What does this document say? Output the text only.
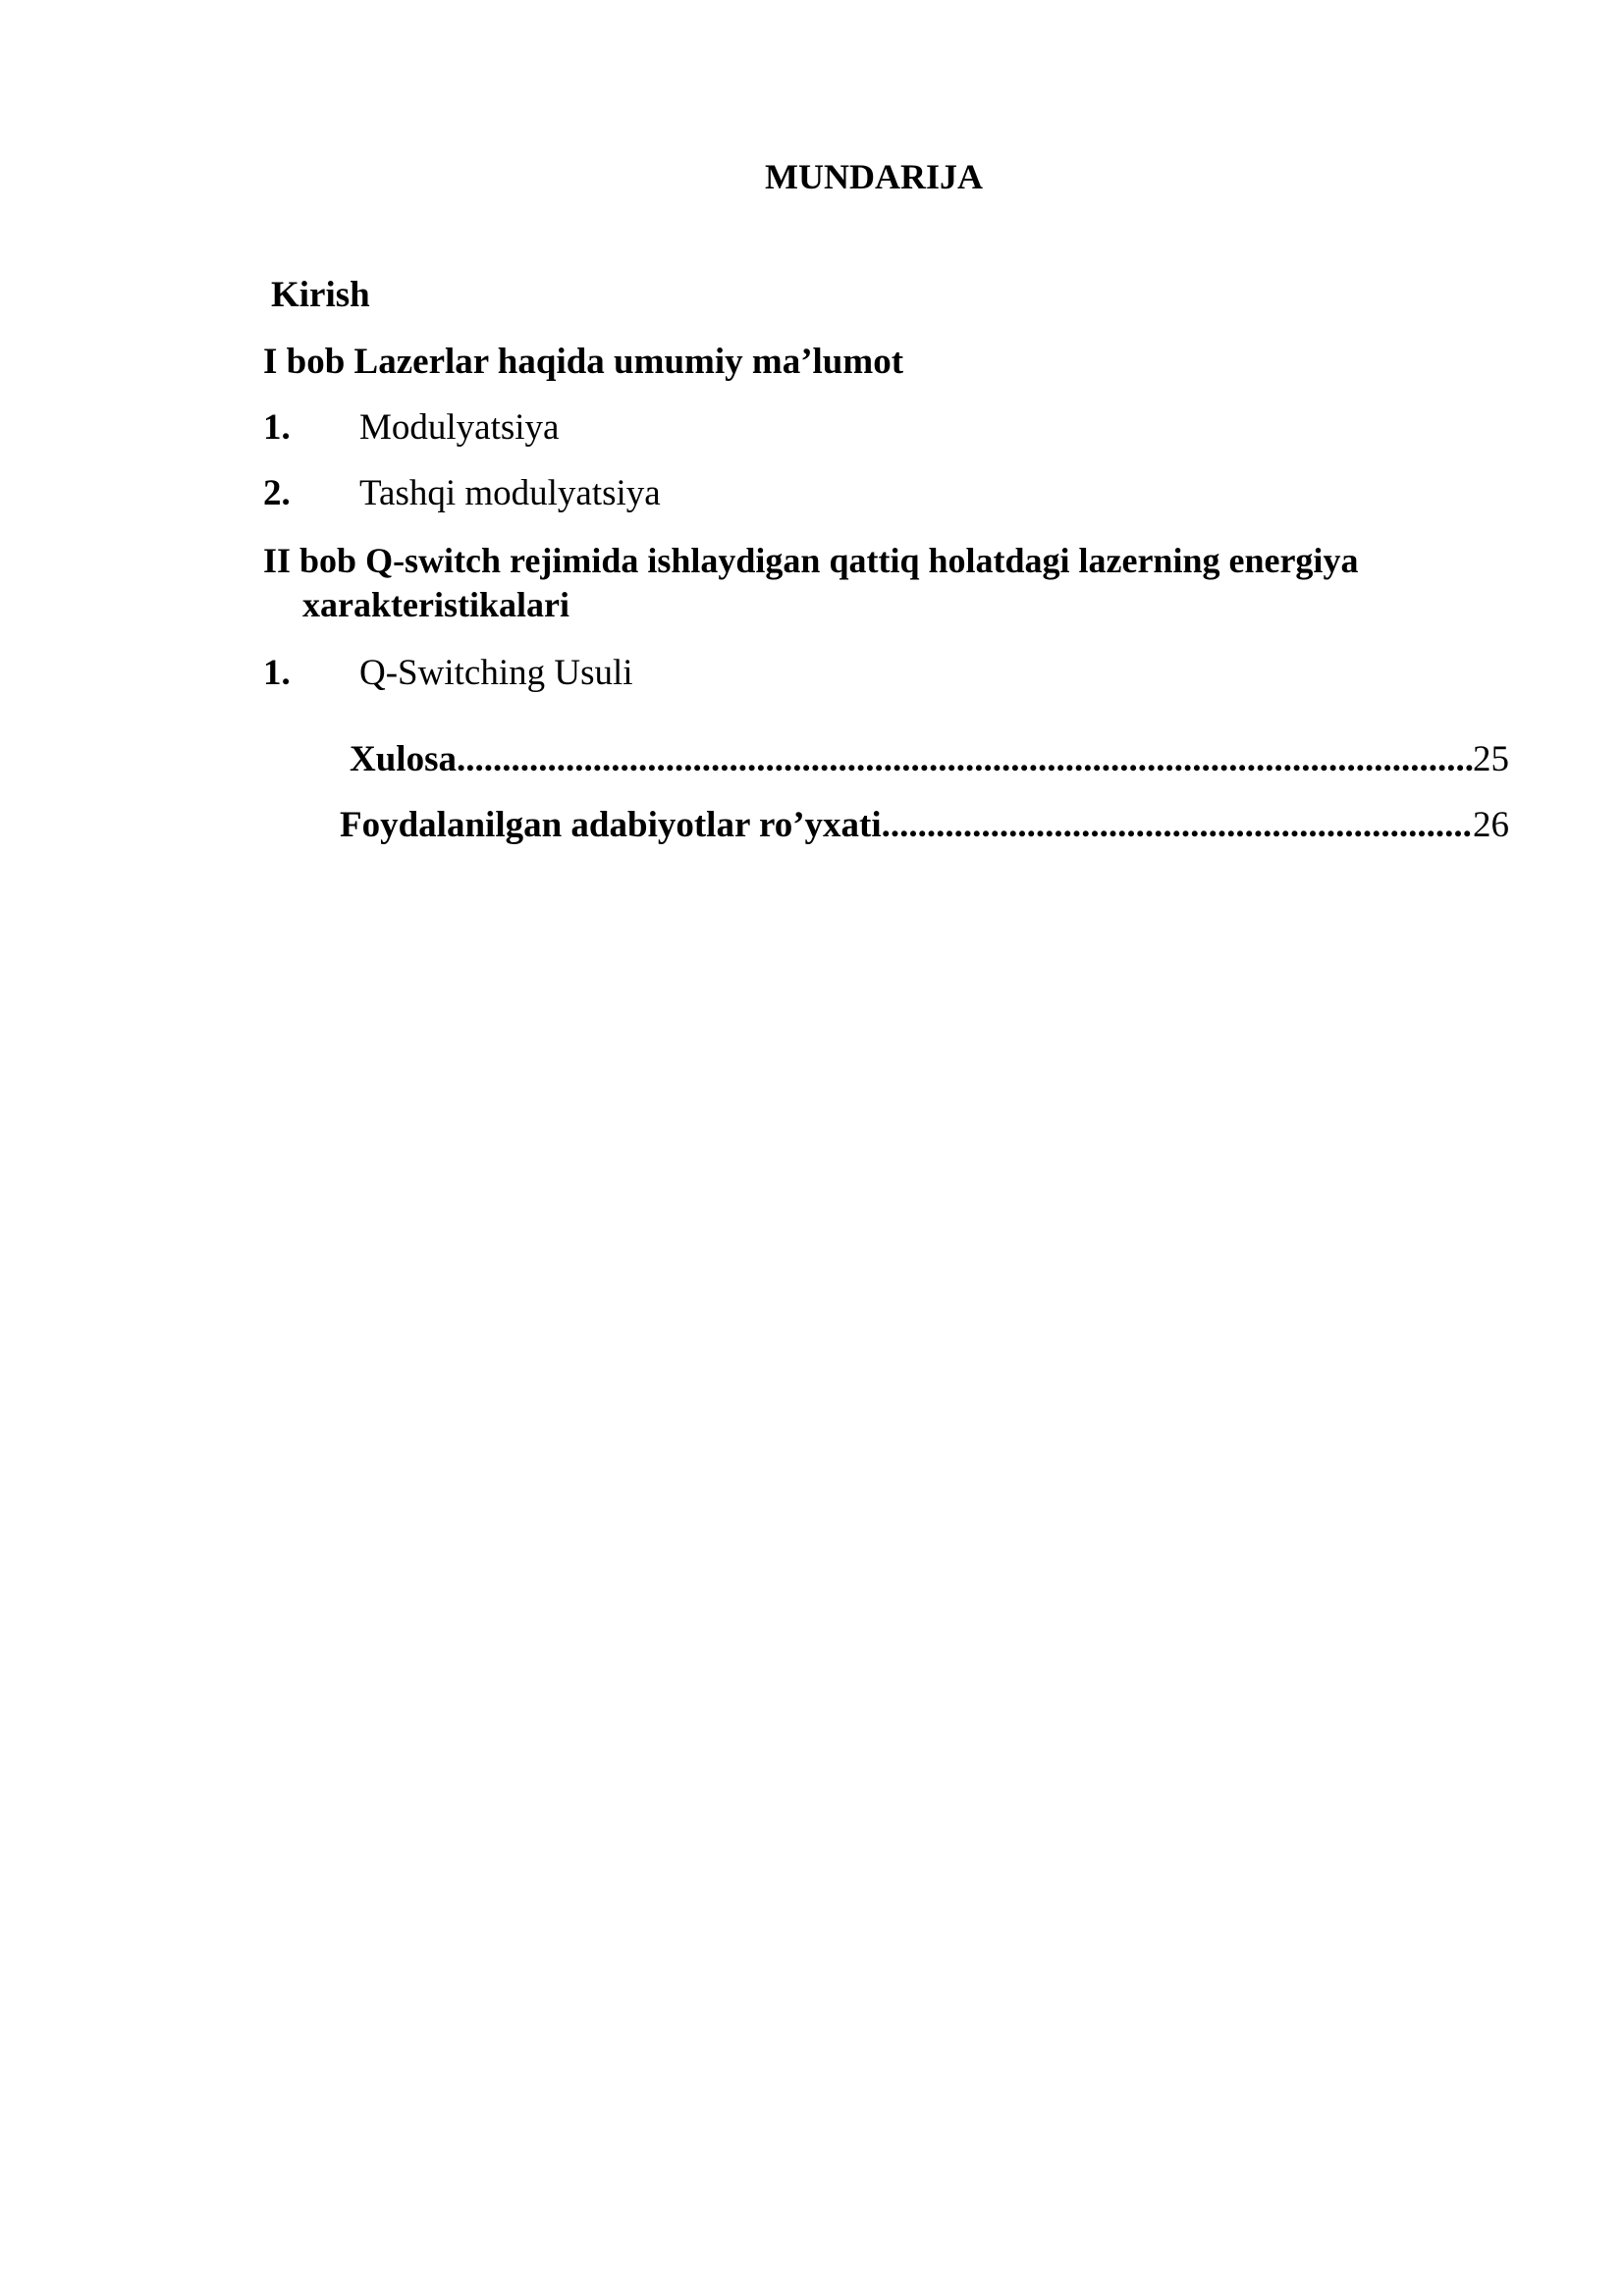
MUNDARIJA
Kirish
I bob Lazerlar haqida umumiy ma’lumot
1. Modulyatsiya
2. Tashqi modulyatsiya
II bob Q-switch rejimida ishlaydigan qattiq holatdagi lazerning energiya xarakteristikalari
1. Q-Switching Usuli
Xulosa .....	25
Foydalanilgan adabiyotlar ro’yxati .....	26
